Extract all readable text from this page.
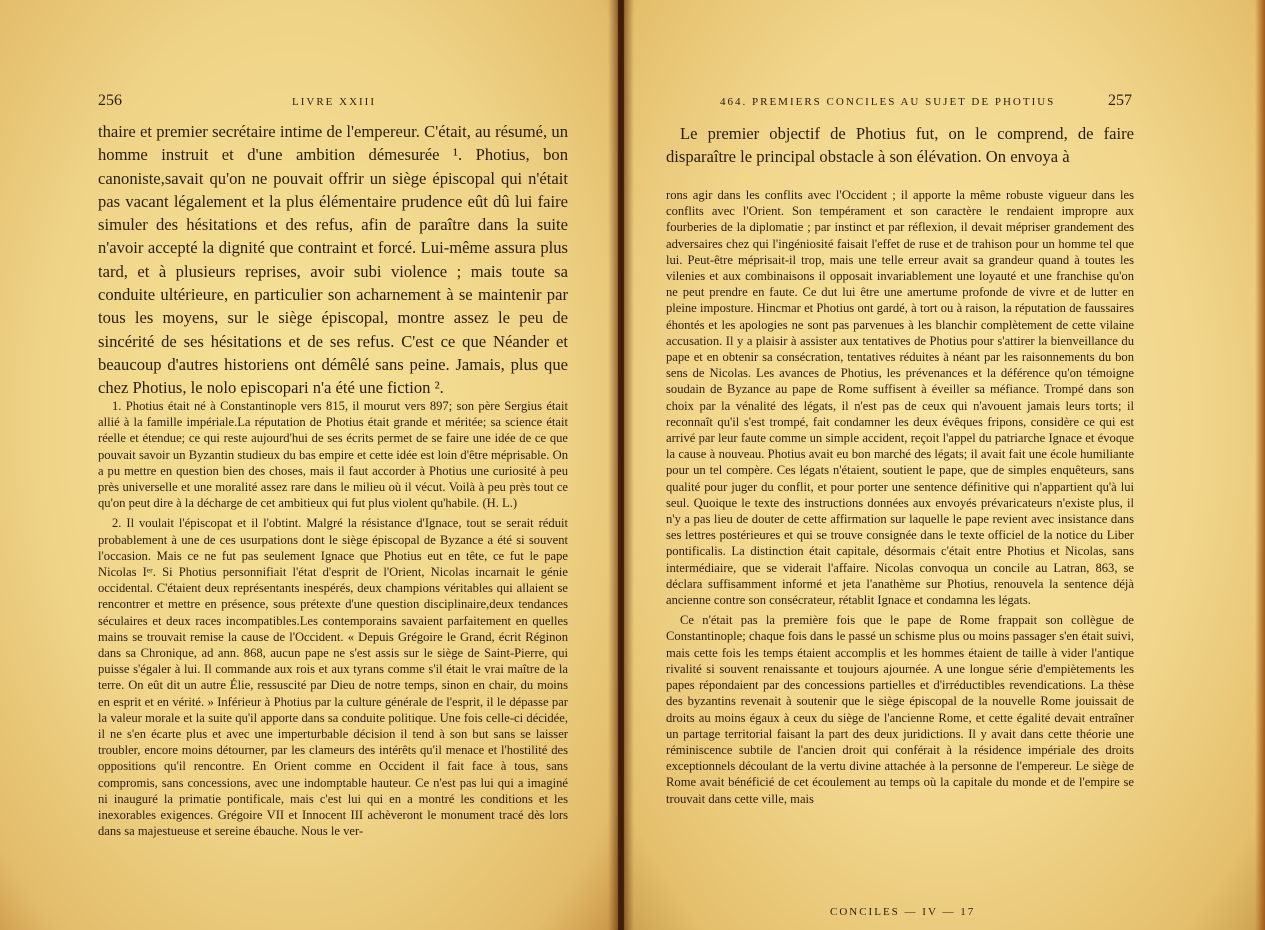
256	LIVRE XXIII

thaire et premier secrétaire intime de l'empereur. C'était, au résumé, un homme instruit et d'une ambition démesurée ¹. Photius, bon canoniste,savait qu'on ne pouvait offrir un siège épiscopal qui n'était pas vacant légalement et la plus élémentaire prudence eût dû lui faire simuler des hésitations et des refus, afin de paraître dans la suite n'avoir accepté la dignité que contraint et forcé. Lui-même assura plus tard, et à plusieurs reprises, avoir subi violence ; mais toute sa conduite ultérieure, en particulier son acharnement à se maintenir par tous les moyens, sur le siège épiscopal, montre assez le peu de sincérité de ses hésitations et de ses refus. C'est ce que Néander et beaucoup d'autres historiens ont démêlé sans peine. Jamais, plus que chez Photius, le nolo episcopari n'a été une fiction ².

1. Photius était né à Constantinople vers 815, il mourut vers 897; son père Sergius était allié à la famille impériale.La réputation de Photius était grande et méritée; sa science était réelle et étendue; ce qui reste aujourd'hui de ses écrits permet de se faire une idée de ce que pouvait savoir un Byzantin studieux du bas empire et cette idée est loin d'être méprisable. On a pu mettre en question bien des choses, mais il faut accorder à Photius une curiosité à peu près universelle et une moralité assez rare dans le milieu où il vécut. Voilà à peu près tout ce qu'on peut dire à la décharge de cet ambitieux qui fut plus violent qu'habile. (H. L.)

2. Il voulait l'épiscopat et il l'obtint. Malgré la résistance d'Ignace, tout se serait réduit probablement à une de ces usurpations dont le siège épiscopal de Byzance a été si souvent l'occasion. Mais ce ne fut pas seulement Ignace que Photius eut en tête, ce fut le pape Nicolas Iᵉʳ. Si Photius personnifiait l'état d'esprit de l'Orient, Nicolas incarnait le génie occidental. C'étaient deux représentants inespérés, deux champions véritables qui allaient se rencontrer et mettre en présence, sous prétexte d'une question disciplinaire,deux tendances séculaires et deux races incompatibles.Les contemporains savaient parfaitement en quelles mains se trouvait remise la cause de l'Occident. « Depuis Grégoire le Grand, écrit Réginon dans sa Chronique, ad ann. 868, aucun pape ne s'est assis sur le siège de Saint-Pierre, qui puisse s'égaler à lui. Il commande aux rois et aux tyrans comme s'il était le vrai maître de la terre. On eût dit un autre Élie, ressuscité par Dieu de notre temps, sinon en chair, du moins en esprit et en vérité. » Inférieur à Photius par la culture générale de l'esprit, il le dépasse par la valeur morale et la suite qu'il apporte dans sa conduite politique. Une fois celle-ci décidée, il ne s'en écarte plus et avec une imperturbable décision il tend à son but sans se laisser troubler, encore moins détourner, par les clameurs des intérêts qu'il menace et l'hostilité des oppositions qu'il rencontre. En Orient comme en Occident il fait face à tous, sans compromis, sans concessions, avec une indomptable hauteur. Ce n'est pas lui qui a imaginé ni inauguré la primatie pontificale, mais c'est lui qui en a montré les conditions et les inexorables exigences. Grégoire VII et Innocent III achèveront le monument tracé dès lors dans sa majestueuse et sereine ébauche. Nous le ver-

464. PREMIERS CONCILES AU SUJET DE PHOTIUS	257

Le premier objectif de Photius fut, on le comprend, de faire disparaître le principal obstacle à son élévation. On envoya à

rons agir dans les conflits avec l'Occident ; il apporte la même robuste vigueur dans les conflits avec l'Orient. Son tempérament et son caractère le rendaient impropre aux fourberies de la diplomatie ; par instinct et par réflexion, il devait mépriser grandement des adversaires chez qui l'ingéniosité faisait l'effet de ruse et de trahison pour un homme tel que lui. Peut-être méprisait-il trop, mais une telle erreur avait sa grandeur quand à toutes les vilenies et aux combinaisons il opposait invariablement une loyauté et une franchise qu'on ne peut prendre en faute. Ce dut lui être une amertume profonde de vivre et de lutter en pleine imposture. Hincmar et Photius ont gardé, à tort ou à raison, la réputation de faussaires éhontés et les apologies ne sont pas parvenues à les blanchir complètement de cette vilaine accusation. Il y a plaisir à assister aux tentatives de Photius pour s'attirer la bienveillance du pape et en obtenir sa consécration, tentatives réduites à néant par les raisonnements du bon sens de Nicolas. Les avances de Photius, les prévenances et la déférence qu'on témoigne soudain de Byzance au pape de Rome suffisent à éveiller sa méfiance. Trompé dans son choix par la vénalité des légats, il n'est pas de ceux qui n'avouent jamais leurs torts; il reconnaît qu'il s'est trompé, fait condamner les deux évêques fripons, considère ce qui est arrivé par leur faute comme un simple accident, reçoit l'appel du patriarche Ignace et évoque la cause à nouveau. Photius avait eu bon marché des légats; il avait fait une école humiliante pour un tel compère. Ces légats n'étaient, soutient le pape, que de simples enquêteurs, sans qualité pour juger du conflit, et pour porter une sentence définitive qui n'appartient qu'à lui seul. Quoique le texte des instructions données aux envoyés prévaricateurs n'existe plus, il n'y a pas lieu de douter de cette affirmation sur laquelle le pape revient avec insistance dans ses lettres postérieures et qui se trouve consignée dans le texte officiel de la notice du Liber pontificalis. La distinction était capitale, désormais c'était entre Photius et Nicolas, sans intermédiaire, que se viderait l'affaire. Nicolas convoqua un concile au Latran, 863, se déclara suffisamment informé et jeta l'anathème sur Photius, renouvela la sentence déjà ancienne contre son consécrateur, rétablit Ignace et condamna les légats.

Ce n'était pas la première fois que le pape de Rome frappait son collègue de Constantinople; chaque fois dans le passé un schisme plus ou moins passager s'en était suivi, mais cette fois les temps étaient accomplis et les hommes étaient de taille à vider l'antique rivalité si souvent renaissante et toujours ajournée. A une longue série d'empiètements les papes répondaient par des concessions partielles et d'irréductibles revendications. La thèse des byzantins revenait à soutenir que le siège épiscopal de la nouvelle Rome jouissait de droits au moins égaux à ceux du siège de l'ancienne Rome, et cette égalité devait entraîner un partage territorial faisant la part des deux juridictions. Il y avait dans cette théorie une réminiscence subtile de l'ancien droit qui conférait à la résidence impériale des droits exceptionnels découlant de la vertu divine attachée à la personne de l'empereur. Le siège de Rome avait bénéficié de cet écoulement au temps où la capitale du monde et de l'empire se trouvait dans cette ville, mais

CONCILES — IV — 17
